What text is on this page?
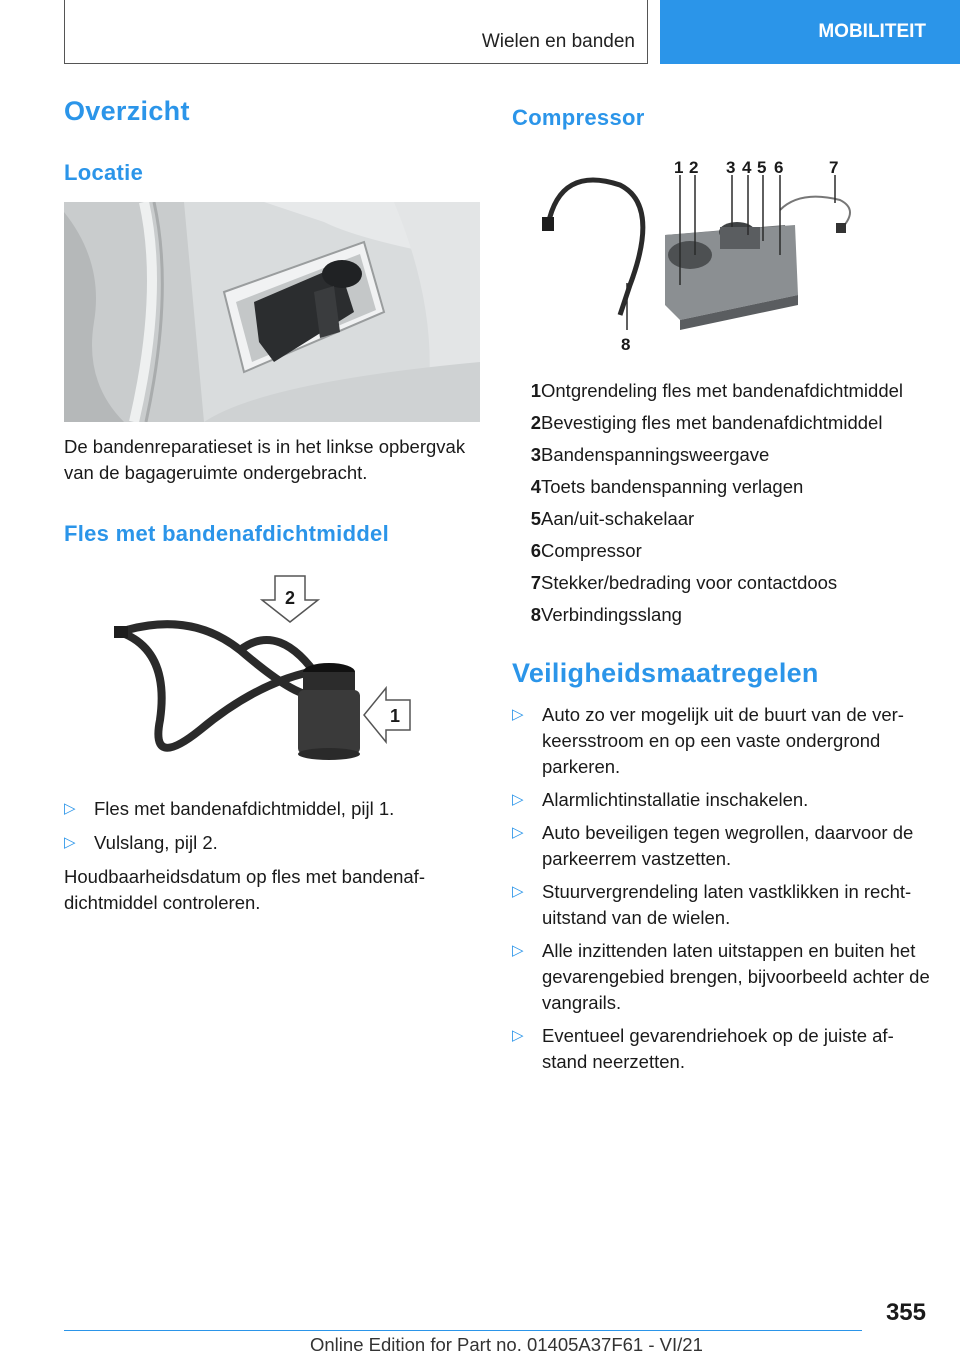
Wielen en banden	MOBILITEIT
Overzicht
Locatie

De bandenreparatieset is in het linkse opbergvak van de bagageruimte ondergebracht.

Fles met bandenafdichtmiddel
2
1
▷ Fles met bandenafdichtmiddel, pijl 1.
▷ Vulslang, pijl 2.

Houdbaarheidsdatum op fles met bandenaf-dichtmiddel controleren.

Compressor
1 2 3 4 5 6	7
8
1 Ontgrendeling fles met bandenafdichtmiddel
2 Bevestiging fles met bandenafdichtmiddel
3 Bandenspanningsweergave
4 Toets bandenspanning verlagen
5 Aan/uit-schakelaar
6 Compressor
7 Stekker/bedrading voor contactdoos
8 Verbindingsslang
Veiligheidsmaatregelen
▷ Auto zo ver mogelijk uit de buurt van de ver-keersstroom en op een vaste ondergrond parkeren.
▷ Alarmlichtinstallatie inschakelen.
▷ Auto beveiligen tegen wegrollen, daarvoor de parkeerrem vastzetten.
▷ Stuurvergrendeling laten vastklikken in recht-uitstand van de wielen.
▷ Alle inzittenden laten uitstappen en buiten het gevarengebied brengen, bijvoorbeeld achter de vangrails.
▷ Eventueel gevarendriehoek op de juiste af-stand neerzetten.
355
Online Edition for Part no. 01405A37F61 - VI/21
